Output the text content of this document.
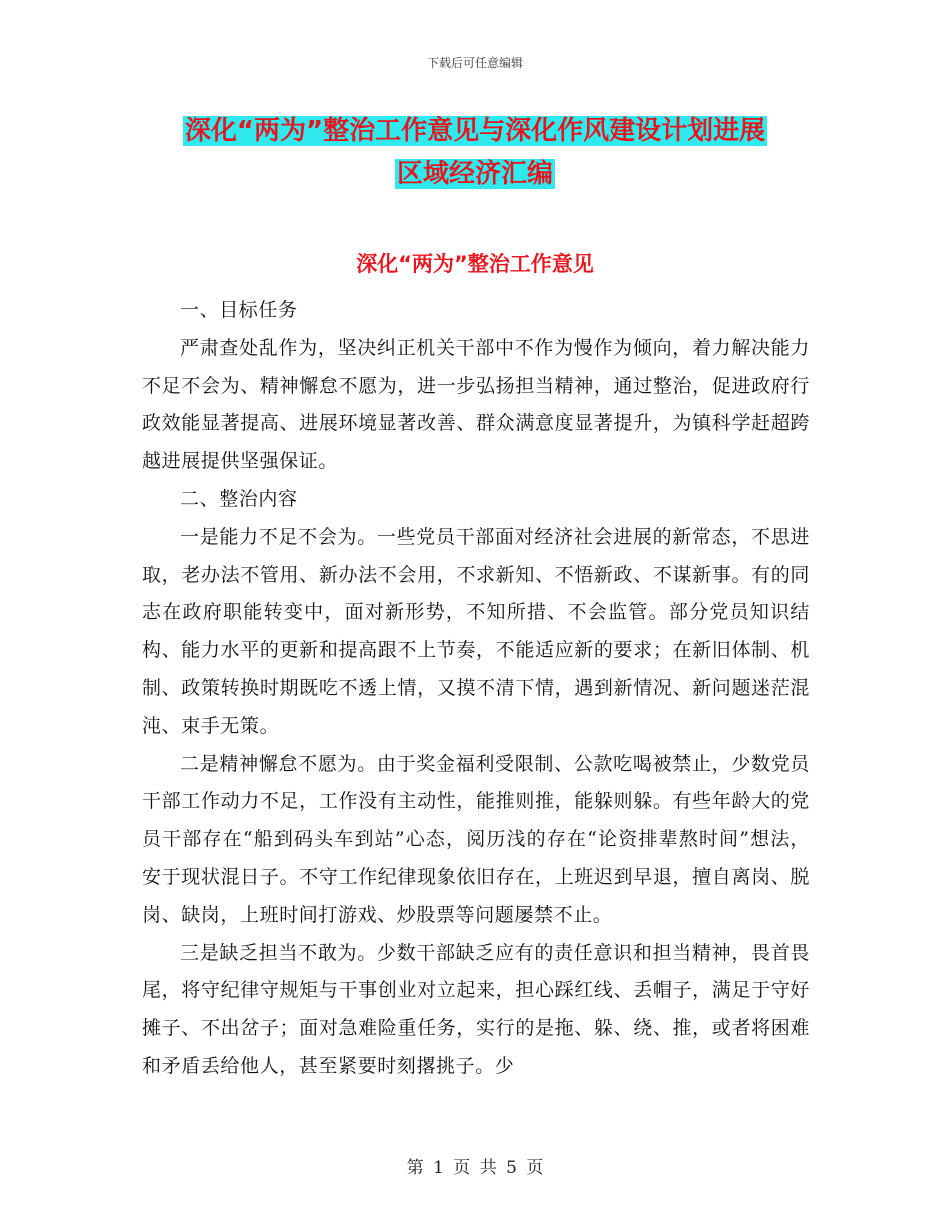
下载后可任意编辑
深化“两为”整治工作意见与深化作风建设计划进展
区域经济汇编
深化“两为”整治工作意见

一、目标任务

严肃查处乱作为，坚决纠正机关干部中不作为慢作为倾向，着力解决能力不足不会为、精神懈怠不愿为，进一步弘扬担当精神，通过整治，促进政府行政效能显著提高、进展环境显著改善、群众满意度显著提升，为镇科学赶超跨越进展提供坚强保证。

二、整治内容

一是能力不足不会为。一些党员干部面对经济社会进展的新常态，不思进取，老办法不管用、新办法不会用，不求新知、不悟新政、不谋新事。有的同志在政府职能转变中，面对新形势，不知所措、不会监管。部分党员知识结构、能力水平的更新和提高跟不上节奏，不能适应新的要求；在新旧体制、机制、政策转换时期既吃不透上情，又摸不清下情，遇到新情况、新问题迷茫混沌、束手无策。

二是精神懈怠不愿为。由于奖金福利受限制、公款吃喝被禁止，少数党员干部工作动力不足，工作没有主动性，能推则推，能躲则躲。有些年龄大的党员干部存在“船到码头车到站”心态，阅历浅的存在“论资排辈熬时间”想法，安于现状混日子。不守工作纪律现象依旧存在，上班迟到早退，擅自离岗、脱岗、缺岗，上班时间打游戏、炒股票等问题屡禁不止。

三是缺乏担当不敢为。少数干部缺乏应有的责任意识和担当精神，畏首畏尾，将守纪律守规矩与干事创业对立起来，担心踩红线、丢帽子，满足于守好摊子、不出岔子；面对急难险重任务，实行的是拖、躲、绕、推，或者将困难和矛盾丢给他人，甚至紧要时刻撂挑子。少

第 1 页 共 5 页
